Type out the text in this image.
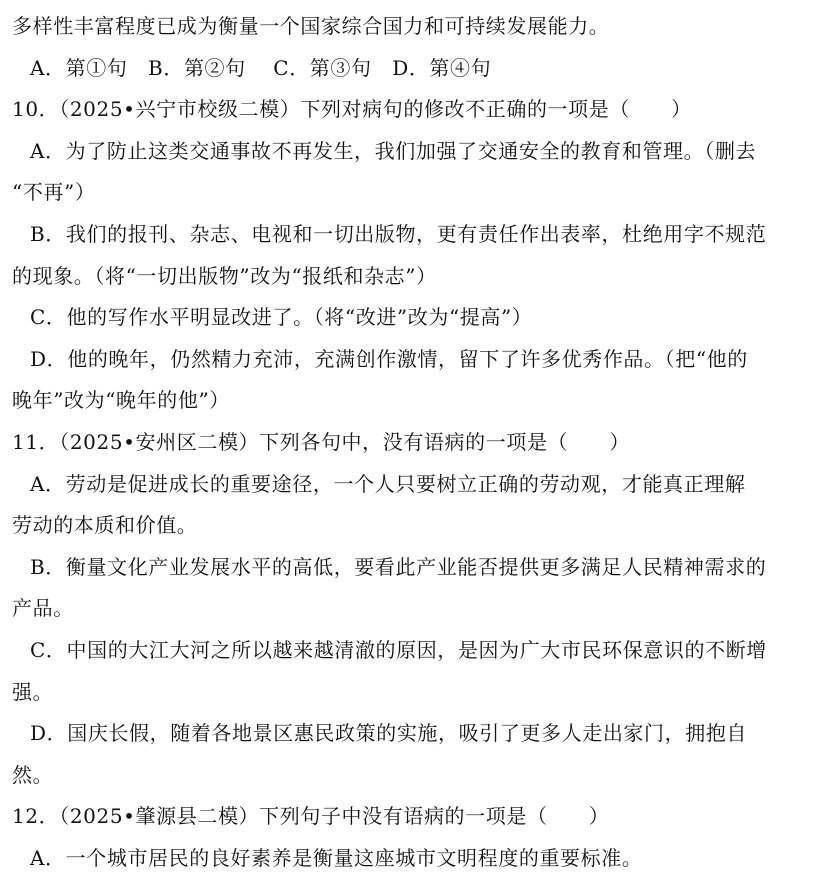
多样性丰富程度已成为衡量一个国家综合国力和可持续发展能力。
A．第①句　B．第②句　 C．第③句　D．第④句
10．（2025•兴宁市校级二模）下列对病句的修改不正确的一项是（　　）
A．为了防止这类交通事故不再发生，我们加强了交通安全的教育和管理。（删去
“不再”）
B．我们的报刊、杂志、电视和一切出版物，更有责任作出表率，杜绝用字不规范
的现象。（将“一切出版物”改为“报纸和杂志”）
C．他的写作水平明显改进了。（将“改进”改为“提高”）
D．他的晚年，仍然精力充沛，充满创作激情，留下了许多优秀作品。（把“他的
晚年”改为“晚年的他”）
11．（2025•安州区二模）下列各句中，没有语病的一项是（　　）
A．劳动是促进成长的重要途径，一个人只要树立正确的劳动观，才能真正理解
劳动的本质和价值。
B．衡量文化产业发展水平的高低，要看此产业能否提供更多满足人民精神需求的
产品。
C．中国的大江大河之所以越来越清澈的原因，是因为广大市民环保意识的不断增
强。
D．国庆长假，随着各地景区惠民政策的实施，吸引了更多人走出家门，拥抱自
然。
12．（2025•肇源县二模）下列句子中没有语病的一项是（　　）
A．一个城市居民的良好素养是衡量这座城市文明程度的重要标准。
